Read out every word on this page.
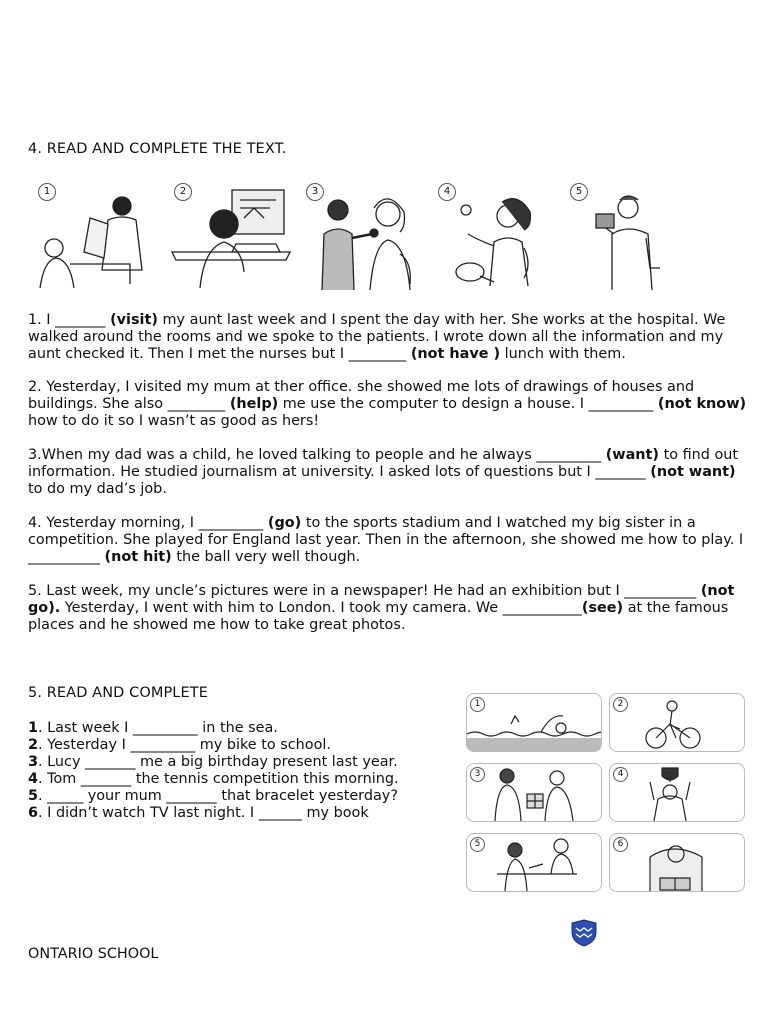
4. READ AND COMPLETE THE TEXT.
1	2	3	4	5
1. I _______ (visit) my aunt last week and I spent the day with her. She works at the hospital. We walked around the rooms and we spoke to the patients. I wrote down all the information and my aunt checked it. Then I met the nurses but I ________ (not have ) lunch with them.
2. Yesterday, I visited my mum at ther office. she showed me lots of drawings of houses and buildings. She also ________ (help) me use the computer to design a house. I _________ (not know) how to do it so I wasn’t as good as hers!
3.When my dad was a child, he loved talking to people and he always _________ (want) to find out information. He studied journalism at university. I asked lots of questions but I _______ (not want) to do my dad’s job.
4. Yesterday morning, I _________ (go) to the sports stadium and I watched my big sister in a competition. She played for England last year. Then in the afternoon, she showed me how to play. I __________ (not hit) the ball very well though.
5. Last week, my uncle’s pictures were in a newspaper! He had an exhibition but I __________ (not go). Yesterday, I went with him to London. I took my camera. We ___________(see) at the famous places and he showed me how to take great photos.
5. READ AND COMPLETE
1. Last week I _________ in the sea.
2. Yesterday I _________ my bike to school.
3. Lucy _______ me a big birthday present last year.
4. Tom _______ the tennis competition this morning.
5. _____ your mum _______ that bracelet yesterday?
6. I didn’t watch TV last night. I ______ my book
1	2
3	4
5	6
ONTARIO SCHOOL
